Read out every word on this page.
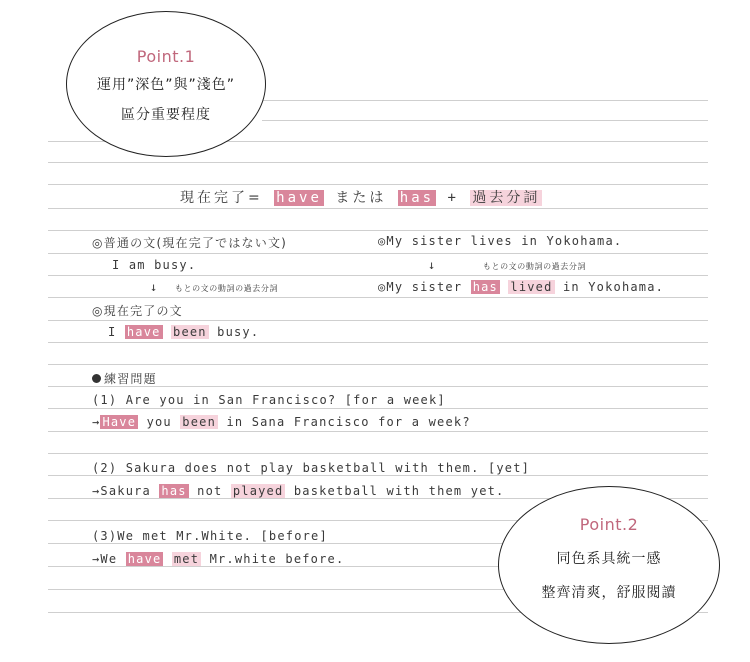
現在完了= have または has + 過去分詞
◎普通の文(現在完了ではない文)
I am busy.
↓ もとの文の動詞の過去分詞
◎現在完了の文
I have been busy.
◎My sister lives in Yokohama.
↓	もとの文の動詞の過去分詞
◎My sister has lived in Yokohama.
練習問題
(1) Are you in San Francisco? [for a week]
→ Have you been in Sana Francisco for a week?
(2) Sakura does not play basketball with them. [yet]
→Sakura has not played basketball with them yet.
(3)We met Mr.White. [before]
→We have met Mr.white before.
Point.1
運用”深色”與”淺色”
區分重要程度
Point.2
同色系具統一感
整齊清爽，舒服閱讀
